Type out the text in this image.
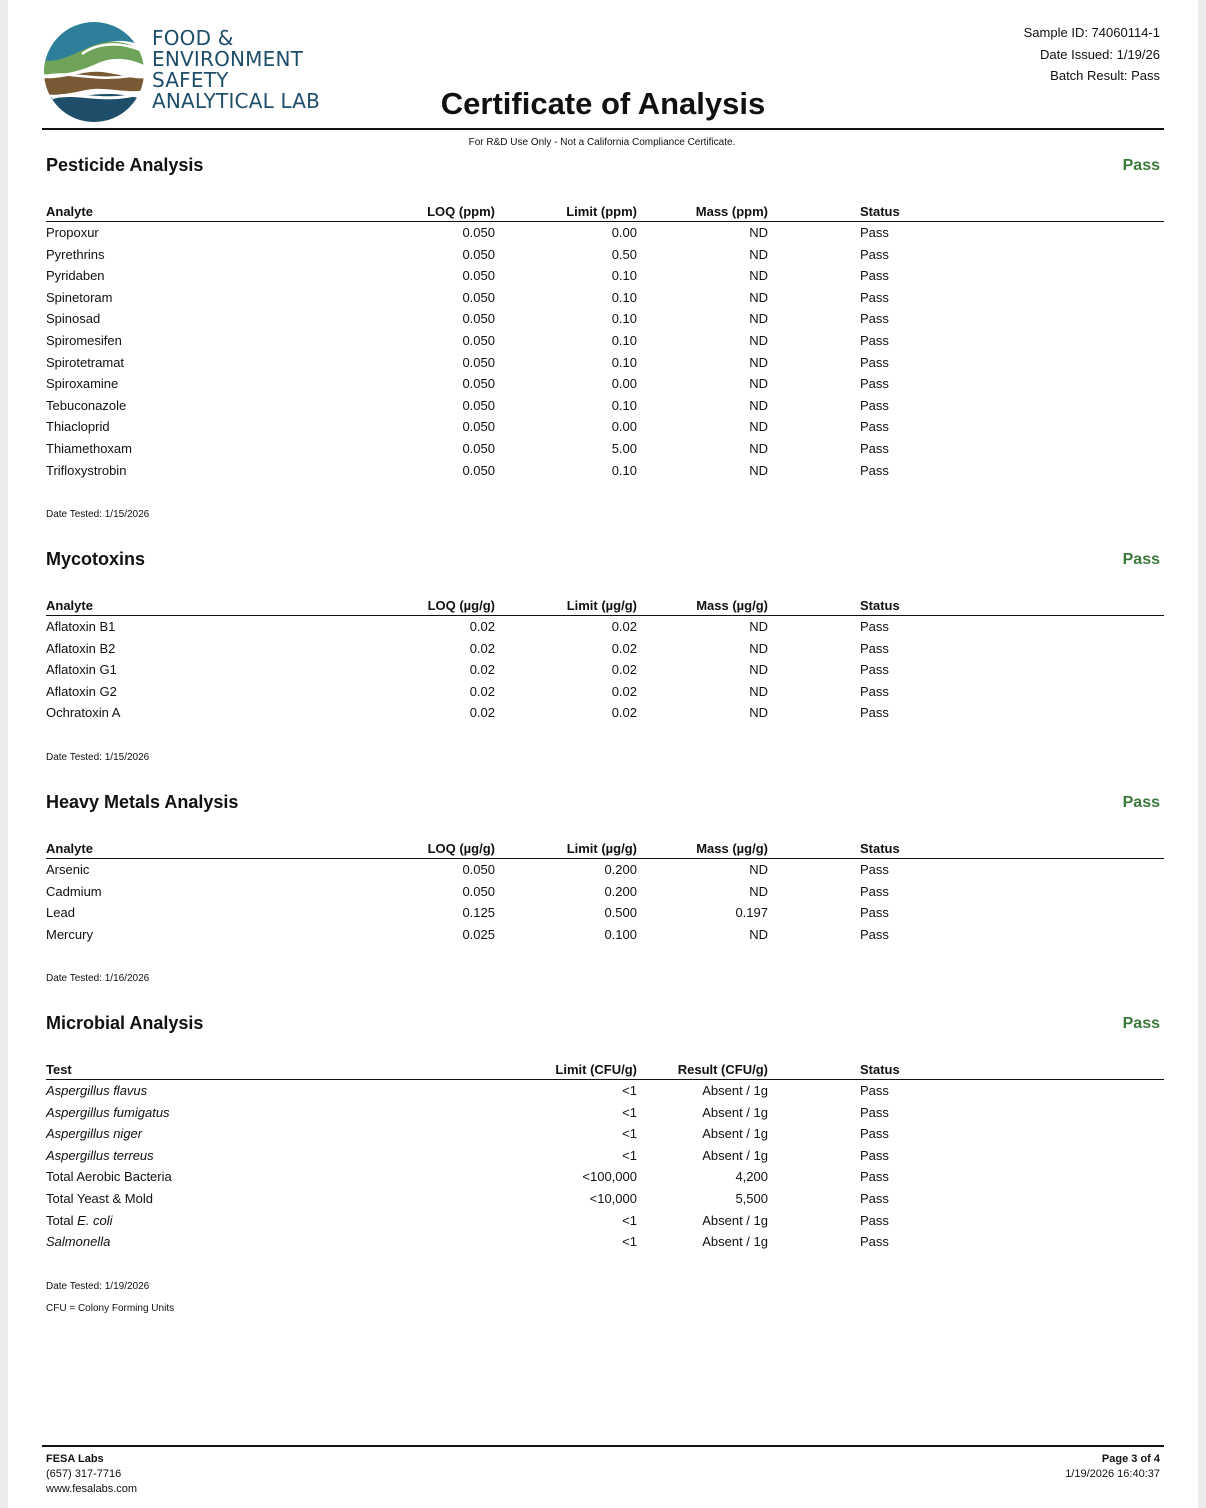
FOOD &
ENVIRONMENT
SAFETY
ANALYTICAL LAB
Sample ID: 74060114-1
Date Issued: 1/19/26
Batch Result: Pass
Certificate of Analysis
For R&D Use Only - Not a California Compliance Certificate.
Pesticide Analysis	Pass
Analyte	LOQ (ppm)	Limit (ppm)	Mass (ppm)	Status
Propoxur	0.050	0.00	ND	Pass
Pyrethrins	0.050	0.50	ND	Pass
Pyridaben	0.050	0.10	ND	Pass
Spinetoram	0.050	0.10	ND	Pass
Spinosad	0.050	0.10	ND	Pass
Spiromesifen	0.050	0.10	ND	Pass
Spirotetramat	0.050	0.10	ND	Pass
Spiroxamine	0.050	0.00	ND	Pass
Tebuconazole	0.050	0.10	ND	Pass
Thiacloprid	0.050	0.00	ND	Pass
Thiamethoxam	0.050	5.00	ND	Pass
Trifloxystrobin	0.050	0.10	ND	Pass
Date Tested: 1/15/2026
Mycotoxins	Pass
Analyte	LOQ (µg/g)	Limit (µg/g)	Mass (µg/g)	Status
Aflatoxin B1	0.02	0.02	ND	Pass
Aflatoxin B2	0.02	0.02	ND	Pass
Aflatoxin G1	0.02	0.02	ND	Pass
Aflatoxin G2	0.02	0.02	ND	Pass
Ochratoxin A	0.02	0.02	ND	Pass
Date Tested: 1/15/2026
Heavy Metals Analysis	Pass
Analyte	LOQ (µg/g)	Limit (µg/g)	Mass (µg/g)	Status
Arsenic	0.050	0.200	ND	Pass
Cadmium	0.050	0.200	ND	Pass
Lead	0.125	0.500	0.197	Pass
Mercury	0.025	0.100	ND	Pass
Date Tested: 1/16/2026
Microbial Analysis	Pass
Test	Limit (CFU/g)	Result (CFU/g)	Status
Aspergillus flavus	<1	Absent / 1g	Pass
Aspergillus fumigatus	<1	Absent / 1g	Pass
Aspergillus niger	<1	Absent / 1g	Pass
Aspergillus terreus	<1	Absent / 1g	Pass
Total Aerobic Bacteria	<100,000	4,200	Pass
Total Yeast & Mold	<10,000	5,500	Pass
Total E. coli	<1	Absent / 1g	Pass
Salmonella	<1	Absent / 1g	Pass
Date Tested: 1/19/2026
CFU = Colony Forming Units
FESA Labs
(657) 317-7716
www.fesalabs.com
Page 3 of 4
1/19/2026 16:40:37
